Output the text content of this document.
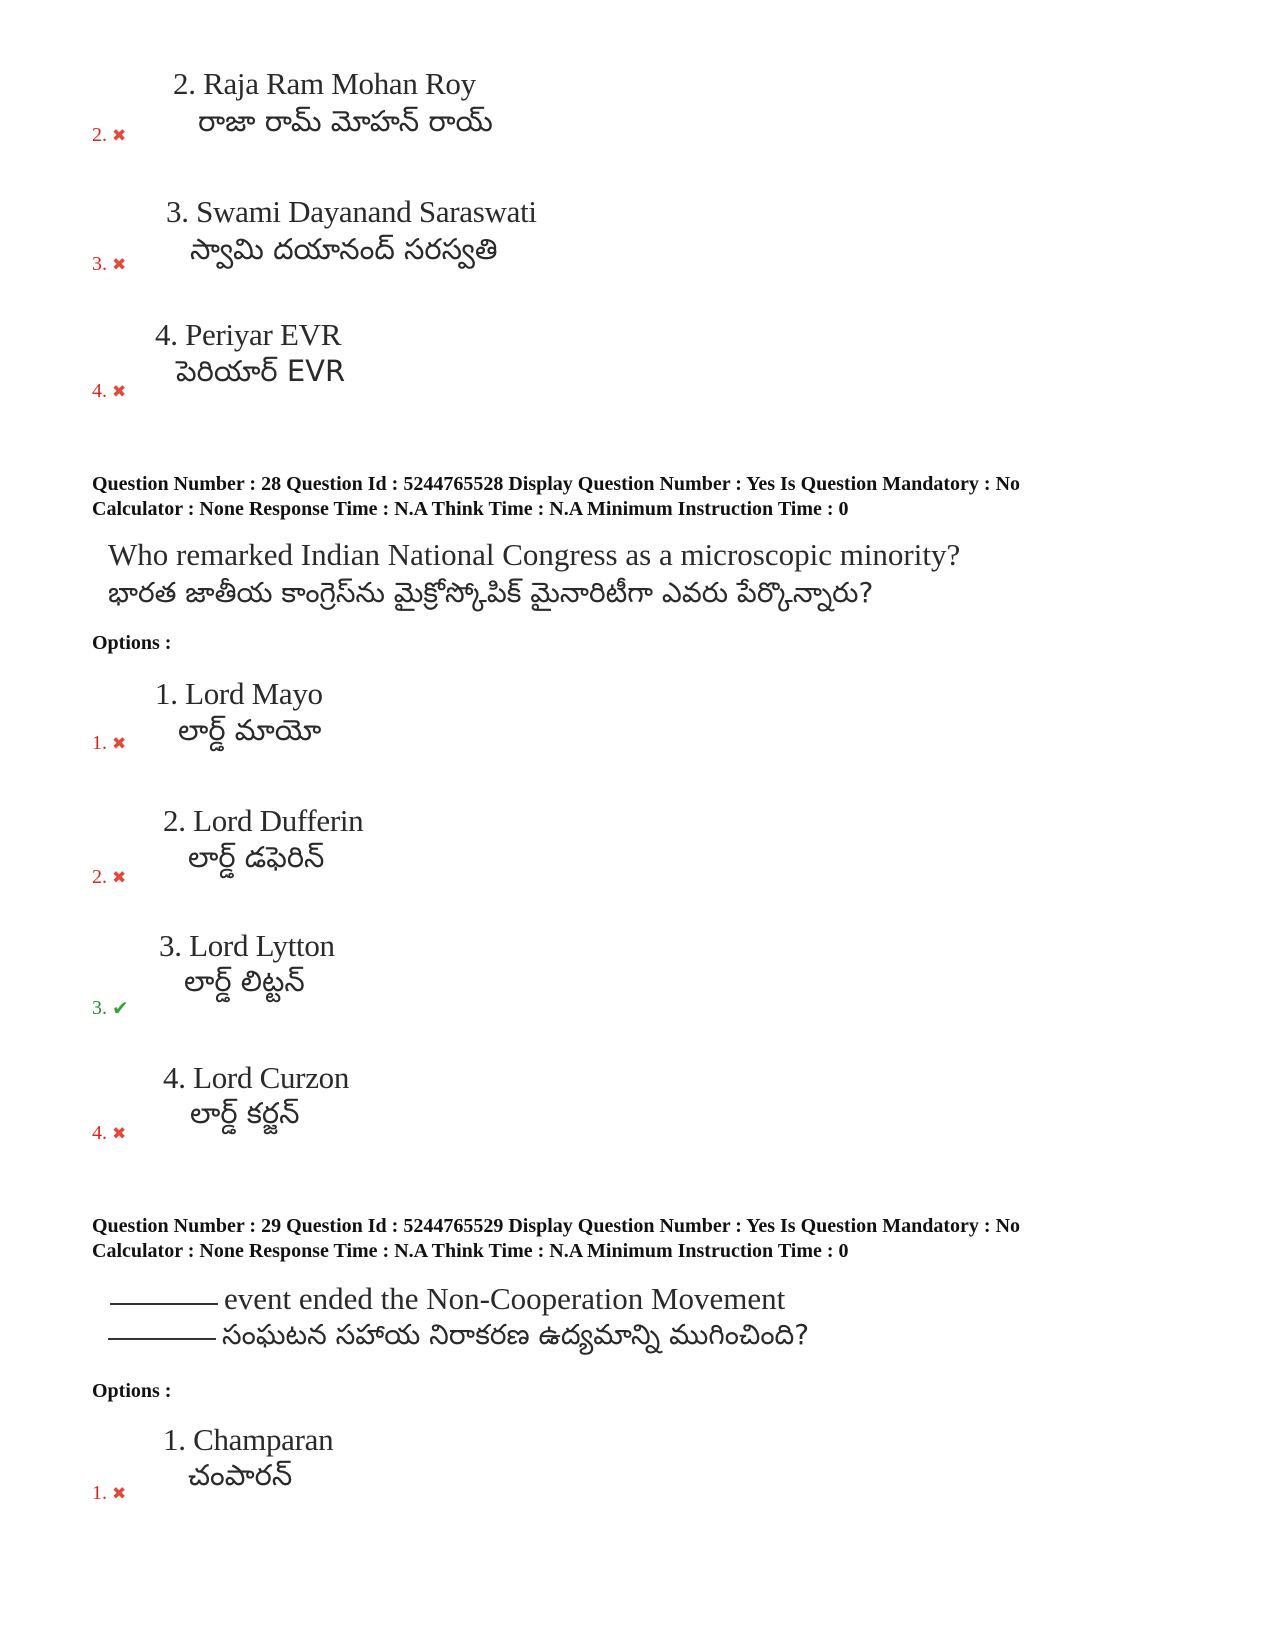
2. Raja Ram Mohan Roy
రాజా రామ్ మోహన్ రాయ్
2. ✖
3. Swami Dayanand Saraswati
స్వామి దయానంద్ సరస్వతి
3. ✖
4. Periyar EVR
పెరియార్ EVR
4. ✖
Question Number : 28 Question Id : 5244765528 Display Question Number : Yes Is Question Mandatory : No
Calculator : None Response Time : N.A Think Time : N.A Minimum Instruction Time : 0
Who remarked Indian National Congress as a microscopic minority?
భారత జాతీయ కాంగ్రెస్‌ను మైక్రోస్కోపిక్ మైనారిటీగా ఎవరు పేర్కొన్నారు?
Options :
1. Lord Mayo
లార్డ్ మాయో
1. ✖
2. Lord Dufferin
లార్డ్ డఫెరిన్
2. ✖
3. Lord Lytton
లార్డ్ లిట్టన్
3. ✔
4. Lord Curzon
లార్డ్ కర్జన్
4. ✖
Question Number : 29 Question Id : 5244765529 Display Question Number : Yes Is Question Mandatory : No
Calculator : None Response Time : N.A Think Time : N.A Minimum Instruction Time : 0
event ended the Non-Cooperation Movement
సంఘటన సహాయ నిరాకరణ ఉద్యమాన్ని ముగించింది?
Options :
1. Champaran
చంపారన్
1. ✖
